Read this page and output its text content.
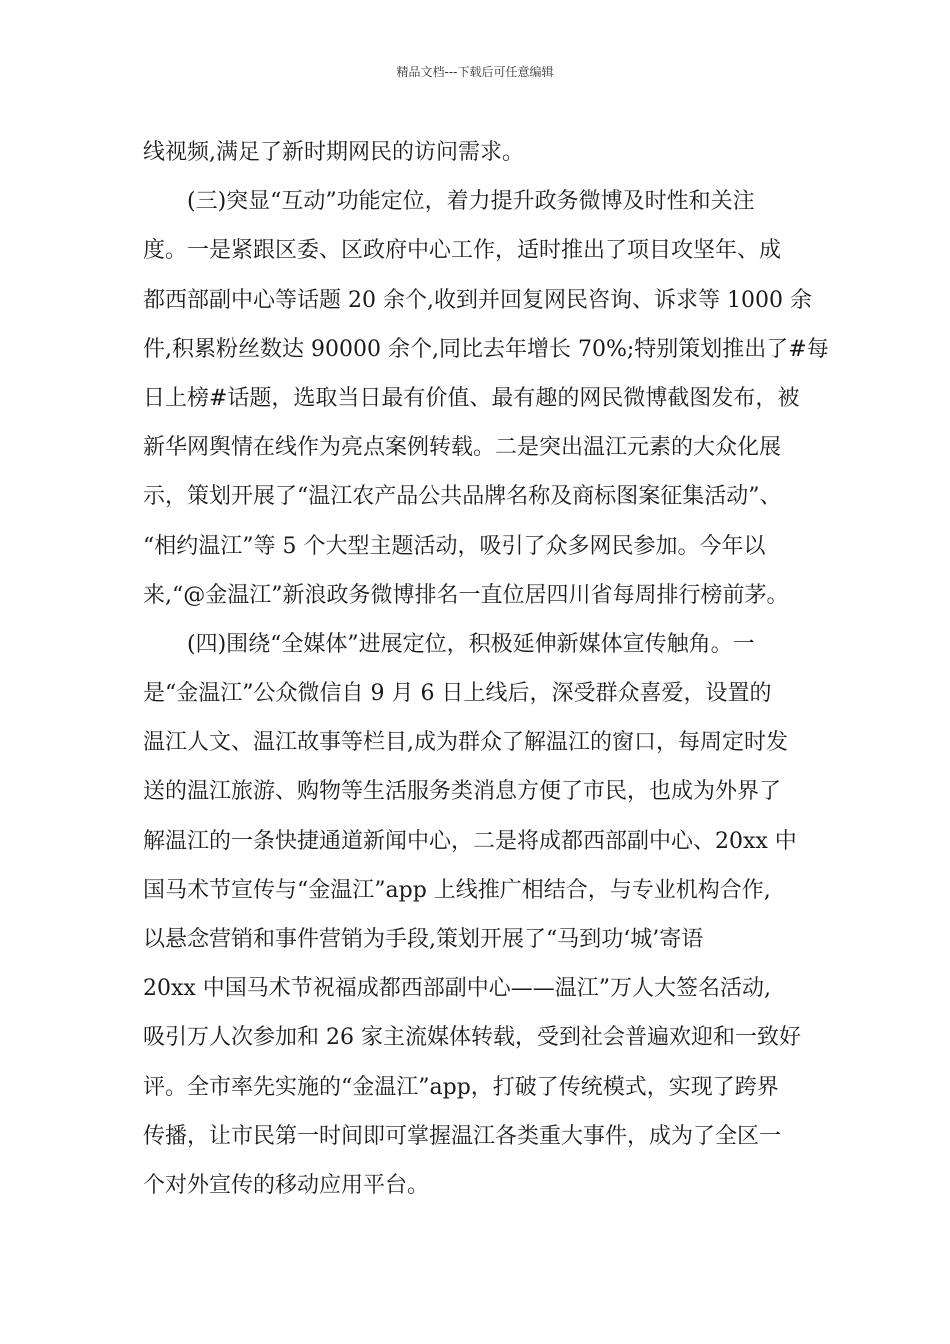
精品文档---下载后可任意编辑
线视频,满足了新时期网民的访问需求。
　　(三)突显“互动”功能定位，着力提升政务微博及时性和关注
度。一是紧跟区委、区政府中心工作，适时推出了项目攻坚年、成
都西部副中心等话题 20 余个,收到并回复网民咨询、诉求等 1000 余
件,积累粉丝数达 90000 余个,同比去年增长 70%;特别策划推出了#每
日上榜#话题，选取当日最有价值、最有趣的网民微博截图发布，被
新华网舆情在线作为亮点案例转载。二是突出温江元素的大众化展
示，策划开展了“温江农产品公共品牌名称及商标图案征集活动”、
“相约温江”等 5 个大型主题活动，吸引了众多网民参加。今年以
来,“@金温江”新浪政务微博排名一直位居四川省每周排行榜前茅。
　　(四)围绕“全媒体”进展定位，积极延伸新媒体宣传触角。一
是“金温江”公众微信自 9 月 6 日上线后，深受群众喜爱，设置的
温江人文、温江故事等栏目,成为群众了解温江的窗口，每周定时发
送的温江旅游、购物等生活服务类消息方便了市民，也成为外界了
解温江的一条快捷通道新闻中心，二是将成都西部副中心、20xx 中
国马术节宣传与“金温江”app 上线推广相结合，与专业机构合作,
以悬念营销和事件营销为手段,策划开展了“马到功‘城’寄语
20xx 中国马术节祝福成都西部副中心——温江”万人大签名活动,
吸引万人次参加和 26 家主流媒体转载，受到社会普遍欢迎和一致好
评。全市率先实施的“金温江”app，打破了传统模式，实现了跨界
传播，让市民第一时间即可掌握温江各类重大事件，成为了全区一
个对外宣传的移动应用平台。
